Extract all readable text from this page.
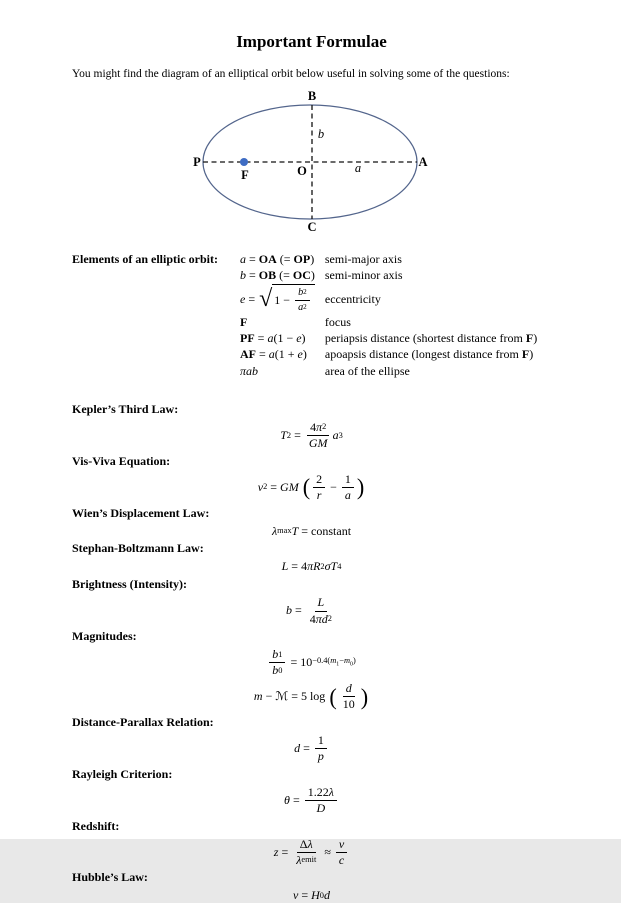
Important Formulae

You might find the diagram of an elliptical orbit below useful in solving some of the questions:

B
C
P	A
O
F	a
b
Elements of an elliptic orbit:	a = OA (= OP ) semi-major axis
b = OB (= OC ) semi-minor axis
e = √ $1 - \frac{b 2}{a 2}$ eccentricity
F	focus
PF = a (1 − e ) periapsis distance (shortest distance from F )
AF = a (1 + e ) apoapsis distance (longest distance from F )
πab	area of the ellipse
Kepler’s Third Law:
T $2 = \frac{4 \pi 2}{GM}$ a 3
Vis-Viva Equation:
v 2 = GM
( $\frac{2}{r} - \frac{1}{a}$ )
Wien’s Displacement Law:
λ max T = constant
Stephan-Boltzmann Law:
L = 4 πR 2 σT 4
Brightness (Intensity):
$b = \frac{L}{4 \pi d 2}$
Magnitudes:
$\frac{b 1}{b 0} = 10 -0.4(m_1-m_0)$
m − ℳ = 5 log ( $\frac{d}{10}$ )
Distance-Parallax Relation:
$d = \frac{1}{p}$
Rayleigh Criterion:
$\theta = \frac{1.22 \lambda}{D}$
Redshift:
$z = \frac{\text{Δ λ}}{\text{λ emit}} \approx \frac{v}{c}$
Hubble’s Law:
v = H 0 d
